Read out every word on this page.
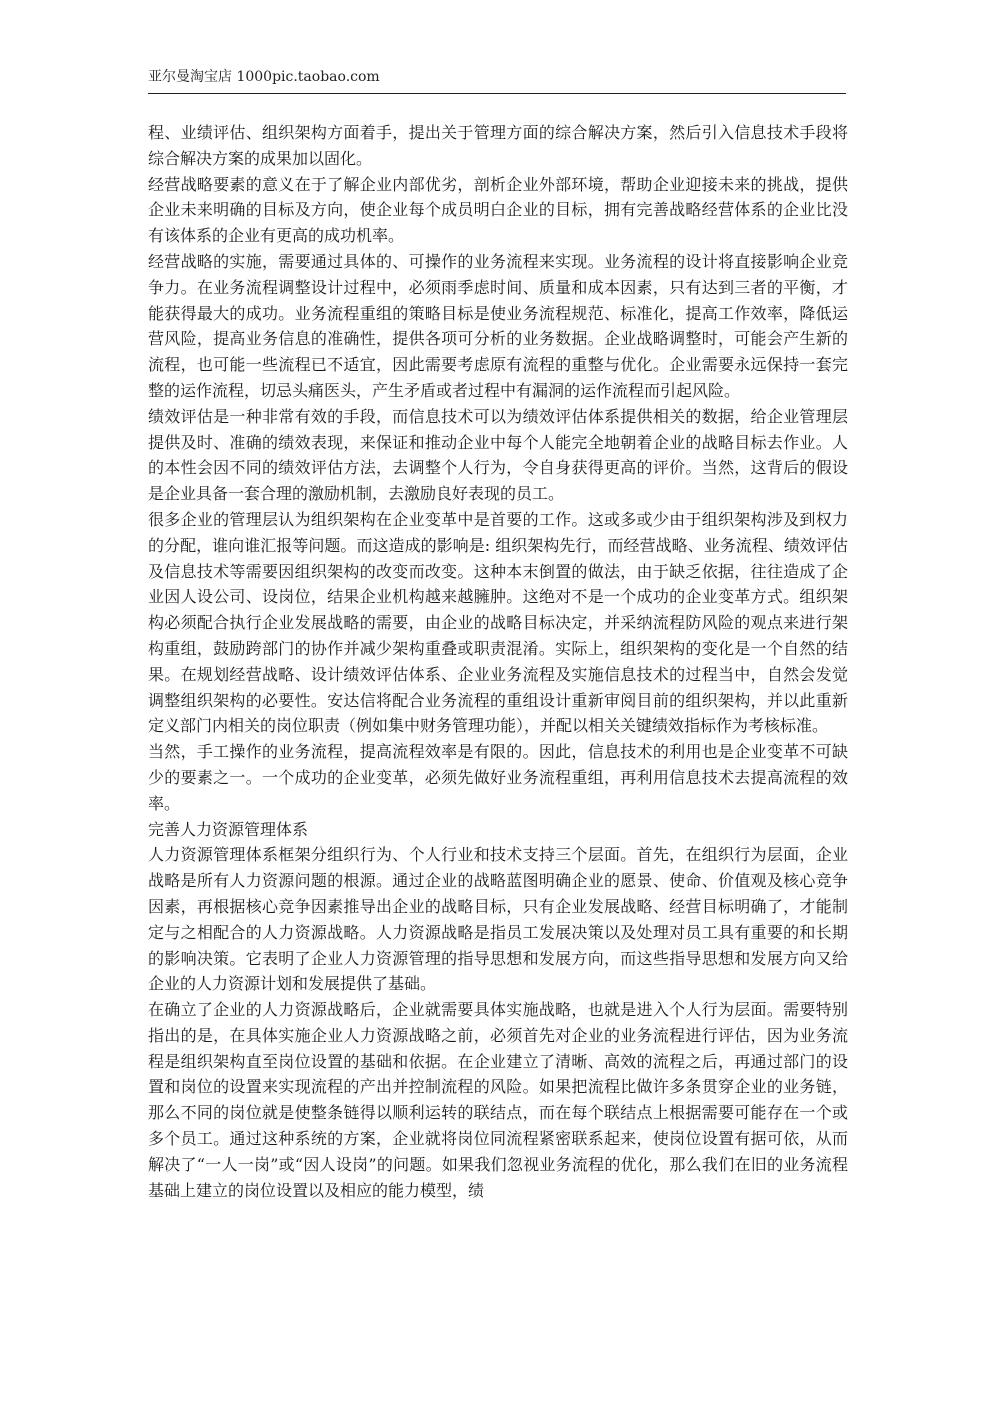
亚尔曼淘宝店 1000pic.taobao.com

程、业绩评估、组织架构方面着手，提出关于管理方面的综合解决方案，然后引入信息技术手段将综合解决方案的成果加以固化。

经营战略要素的意义在于了解企业内部优劣，剖析企业外部环境，帮助企业迎接未来的挑战，提供企业未来明确的目标及方向，使企业每个成员明白企业的目标，拥有完善战略经营体系的企业比没有该体系的企业有更高的成功机率。

经营战略的实施，需要通过具体的、可操作的业务流程来实现。业务流程的设计将直接影响企业竞争力。在业务流程调整设计过程中，必须雨季虑时间、质量和成本因素，只有达到三者的平衡，才能获得最大的成功。业务流程重组的策略目标是使业务流程规范、标准化，提高工作效率，降低运营风险，提高业务信息的准确性，提供各项可分析的业务数据。企业战略调整时，可能会产生新的流程，也可能一些流程已不适宜，因此需要考虑原有流程的重整与优化。企业需要永远保持一套完整的运作流程，切忌头痛医头，产生矛盾或者过程中有漏洞的运作流程而引起风险。

绩效评估是一种非常有效的手段，而信息技术可以为绩效评估体系提供相关的数据，给企业管理层提供及时、准确的绩效表现，来保证和推动企业中每个人能完全地朝着企业的战略目标去作业。人的本性会因不同的绩效评估方法，去调整个人行为，令自身获得更高的评价。当然，这背后的假设是企业具备一套合理的激励机制，去激励良好表现的员工。

很多企业的管理层认为组织架构在企业变革中是首要的工作。这或多或少由于组织架构涉及到权力的分配，谁向谁汇报等问题。而这造成的影响是: 组织架构先行，而经营战略、业务流程、绩效评估及信息技术等需要因组织架构的改变而改变。这种本末倒置的做法，由于缺乏依据，往往造成了企业因人设公司、设岗位，结果企业机构越来越臃肿。这绝对不是一个成功的企业变革方式。组织架构必须配合执行企业发展战略的需要，由企业的战略目标决定，并采纳流程防风险的观点来进行架构重组，鼓励跨部门的协作并减少架构重叠或职责混淆。实际上，组织架构的变化是一个自然的结果。在规划经营战略、设计绩效评估体系、企业业务流程及实施信息技术的过程当中，自然会发觉调整组织架构的必要性。安达信将配合业务流程的重组设计重新审阅目前的组织架构，并以此重新定义部门内相关的岗位职责（例如集中财务管理功能），并配以相关关键绩效指标作为考核标准。

当然，手工操作的业务流程，提高流程效率是有限的。因此，信息技术的利用也是企业变革不可缺少的要素之一。一个成功的企业变革，必须先做好业务流程重组，再利用信息技术去提高流程的效率。

完善人力资源管理体系

人力资源管理体系框架分组织行为、个人行业和技术支持三个层面。首先，在组织行为层面，企业战略是所有人力资源问题的根源。通过企业的战略蓝图明确企业的愿景、使命、价值观及核心竞争因素，再根据核心竞争因素推导出企业的战略目标，只有企业发展战略、经营目标明确了，才能制定与之相配合的人力资源战略。人力资源战略是指员工发展决策以及处理对员工具有重要的和长期的影响决策。它表明了企业人力资源管理的指导思想和发展方向，而这些指导思想和发展方向又给企业的人力资源计划和发展提供了基础。

在确立了企业的人力资源战略后，企业就需要具体实施战略，也就是进入个人行为层面。需要特别指出的是，在具体实施企业人力资源战略之前，必须首先对企业的业务流程进行评估，因为业务流程是组织架构直至岗位设置的基础和依据。在企业建立了清晰、高效的流程之后，再通过部门的设置和岗位的设置来实现流程的产出并控制流程的风险。如果把流程比做许多条贯穿企业的业务链，那么不同的岗位就是使整条链得以顺利运转的联结点，而在每个联结点上根据需要可能存在一个或多个员工。通过这种系统的方案，企业就将岗位同流程紧密联系起来，使岗位设置有据可依，从而解决了“一人一岗”或“因人设岗”的问题。如果我们忽视业务流程的优化，那么我们在旧的业务流程基础上建立的岗位设置以及相应的能力模型，绩
